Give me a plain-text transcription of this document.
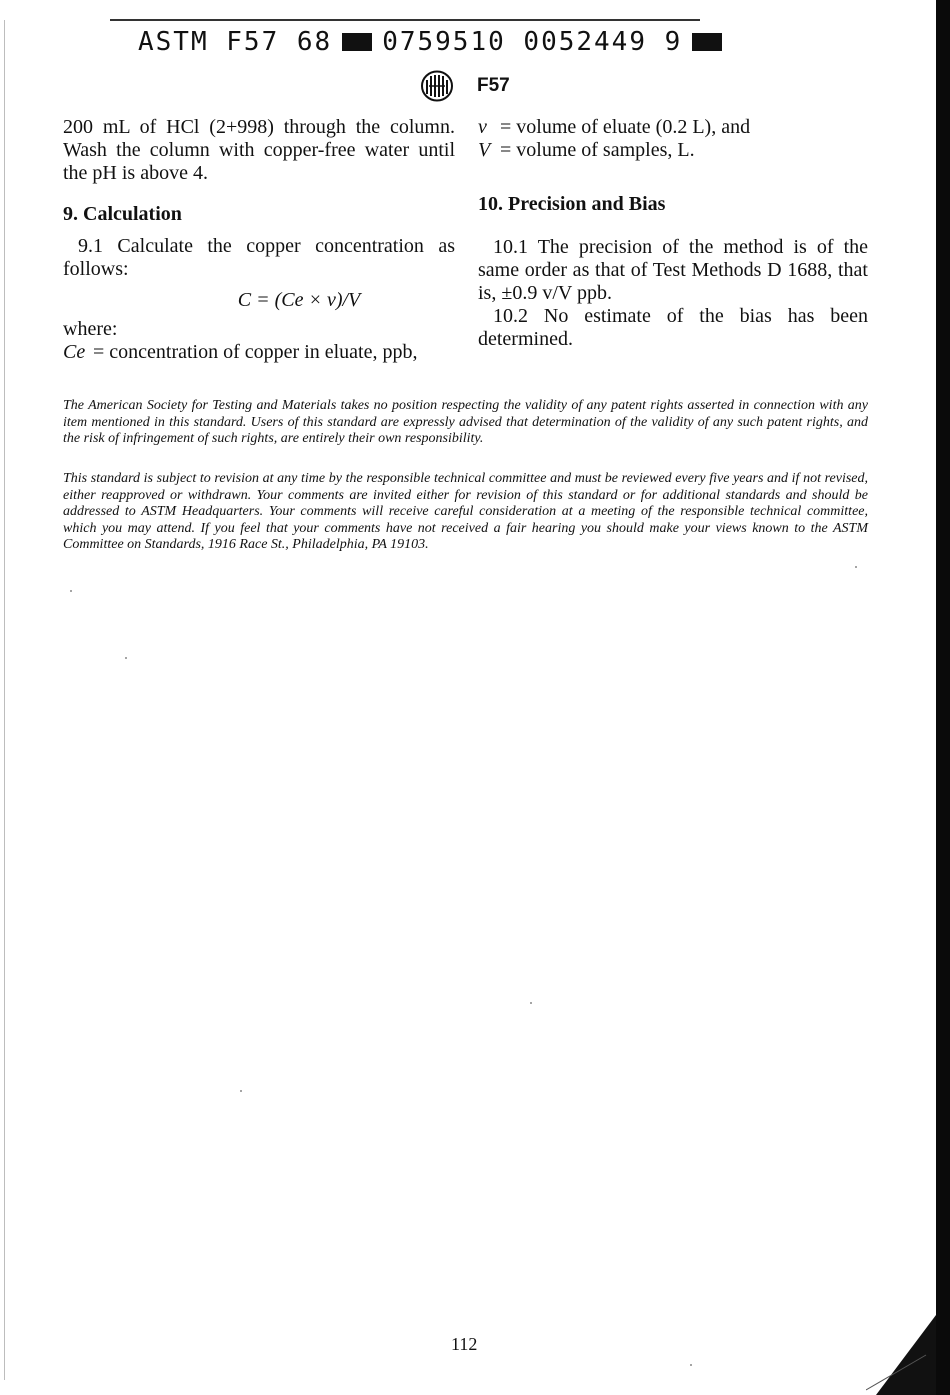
ASTM F57 68 0759510 0052449 9
F57

200 mL of HCl (2+998) through the column. Wash the column with copper-free water until the pH is above 4.

9. Calculation

9.1 Calculate the copper concentration as follows:

C = (Ce × v)/V

where:

Ce = concentration of copper in eluate, ppb,
v = volume of eluate (0.2 L), and
V = volume of samples, L.
10. Precision and Bias

10.1 The precision of the method is of the same order as that of Test Methods D 1688, that is, ±0.9 v/V ppb.

10.2 No estimate of the bias has been determined.

The American Society for Testing and Materials takes no position respecting the validity of any patent rights asserted in connection with any item mentioned in this standard. Users of this standard are expressly advised that determination of the validity of any such patent rights, and the risk of infringement of such rights, are entirely their own responsibility.

This standard is subject to revision at any time by the responsible technical committee and must be reviewed every five years and if not revised, either reapproved or withdrawn. Your comments are invited either for revision of this standard or for additional standards and should be addressed to ASTM Headquarters. Your comments will receive careful consideration at a meeting of the responsible technical committee, which you may attend. If you feel that your comments have not received a fair hearing you should make your views known to the ASTM Committee on Standards, 1916 Race St., Philadelphia, PA 19103.

112
